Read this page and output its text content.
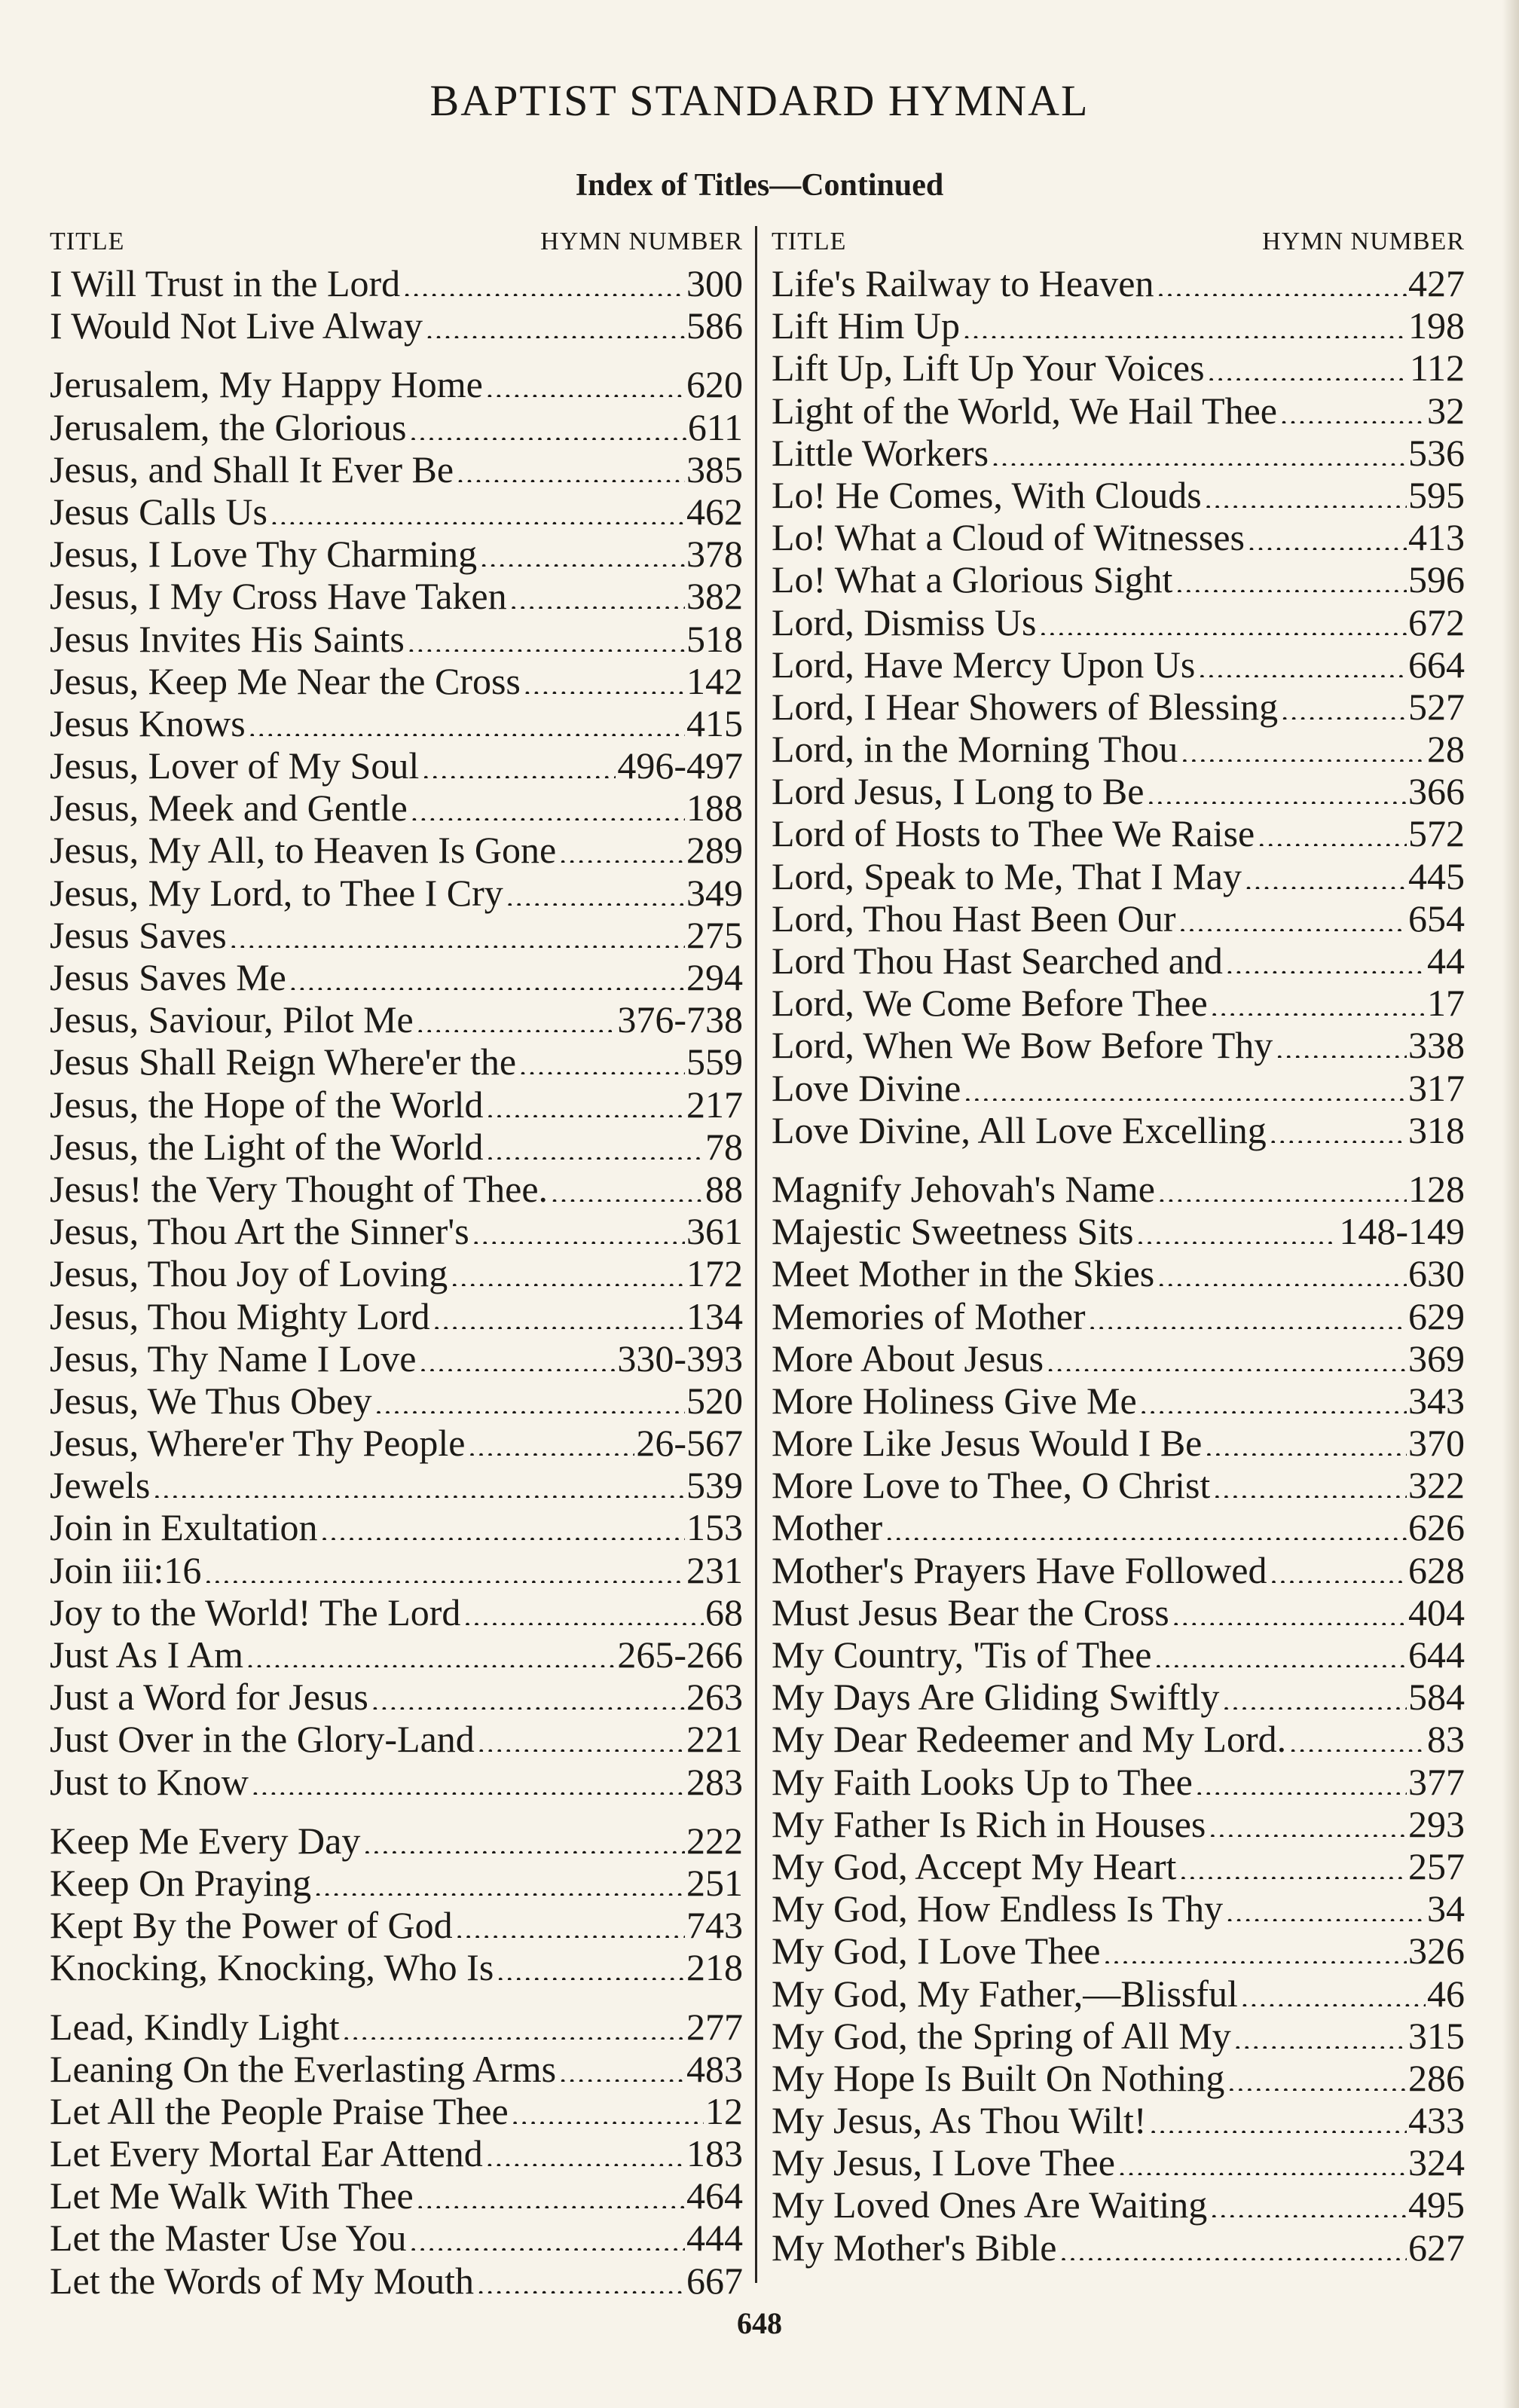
BAPTIST STANDARD HYMNAL
Index of Titles—Continued
TITLE	HYMN NUMBER
I Will Trust in the Lord . . .	300
I Would Not Live Alway . . .	586
Jerusalem, My Happy Home . . .	620
Jerusalem, the Glorious . . .	611
Jesus, and Shall It Ever Be . . .	385
Jesus Calls Us . . .	462
Jesus, I Love Thy Charming . . .	378
Jesus, I My Cross Have Taken . . .	382
Jesus Invites His Saints . . .	518
Jesus, Keep Me Near the Cross . . .	142
Jesus Knows . . .	415
Jesus, Lover of My Soul . . .	496-497
Jesus, Meek and Gentle . . .	188
Jesus, My All, to Heaven Is Gone . . .	289
Jesus, My Lord, to Thee I Cry . . .	349
Jesus Saves . . .	275
Jesus Saves Me . . .	294
Jesus, Saviour, Pilot Me . . .	376-738
Jesus Shall Reign Where'er the . . .	559
Jesus, the Hope of the World . . .	217
Jesus, the Light of the World . . .	78
Jesus! the Very Thought of Thee. . . .	88
Jesus, Thou Art the Sinner's . . .	361
Jesus, Thou Joy of Loving . . .	172
Jesus, Thou Mighty Lord . . .	134
Jesus, Thy Name I Love . . .	330-393
Jesus, We Thus Obey . . .	520
Jesus, Where'er Thy People . . .	26-567
Jewels . . .	539
Join in Exultation . . .	153
Join iii:16 . . .	231
Joy to the World! The Lord . . .	68
Just As I Am . . .	265-266
Just a Word for Jesus . . .	263
Just Over in the Glory-Land . . .	221
Just to Know . . .	283
Keep Me Every Day . . .	222
Keep On Praying . . .	251
Kept By the Power of God . . .	743
Knocking, Knocking, Who Is . . .	218
Lead, Kindly Light . . .	277
Leaning On the Everlasting Arms . . .	483
Let All the People Praise Thee . . .	12
Let Every Mortal Ear Attend . . .	183
Let Me Walk With Thee . . .	464
Let the Master Use You . . .	444
Let the Words of My Mouth . . .	667
TITLE	HYMN NUMBER
Life's Railway to Heaven . . .	427
Lift Him Up . . .	198
Lift Up, Lift Up Your Voices . . .	112
Light of the World, We Hail Thee . . .	32
Little Workers . . .	536
Lo! He Comes, With Clouds . . .	595
Lo! What a Cloud of Witnesses . . .	413
Lo! What a Glorious Sight . . .	596
Lord, Dismiss Us . . .	672
Lord, Have Mercy Upon Us . . .	664
Lord, I Hear Showers of Blessing . . .	527
Lord, in the Morning Thou . . .	28
Lord Jesus, I Long to Be . . .	366
Lord of Hosts to Thee We Raise . . .	572
Lord, Speak to Me, That I May . . .	445
Lord, Thou Hast Been Our . . .	654
Lord Thou Hast Searched and . . .	44
Lord, We Come Before Thee . . .	17
Lord, When We Bow Before Thy . . .	338
Love Divine . . .	317
Love Divine, All Love Excelling . . .	318
Magnify Jehovah's Name . . .	128
Majestic Sweetness Sits . . .	148-149
Meet Mother in the Skies . . .	630
Memories of Mother . . .	629
More About Jesus . . .	369
More Holiness Give Me . . .	343
More Like Jesus Would I Be . . .	370
More Love to Thee, O Christ . . .	322
Mother . . .	626
Mother's Prayers Have Followed . . .	628
Must Jesus Bear the Cross . . .	404
My Country, 'Tis of Thee . . .	644
My Days Are Gliding Swiftly . . .	584
My Dear Redeemer and My Lord. . . .	83
My Faith Looks Up to Thee . . .	377
My Father Is Rich in Houses . . .	293
My God, Accept My Heart . . .	257
My God, How Endless Is Thy . . .	34
My God, I Love Thee . . .	326
My God, My Father,—Blissful . . .	46
My God, the Spring of All My . . .	315
My Hope Is Built On Nothing . . .	286
My Jesus, As Thou Wilt! . . .	433
My Jesus, I Love Thee . . .	324
My Loved Ones Are Waiting . . .	495
My Mother's Bible . . .	627
648
